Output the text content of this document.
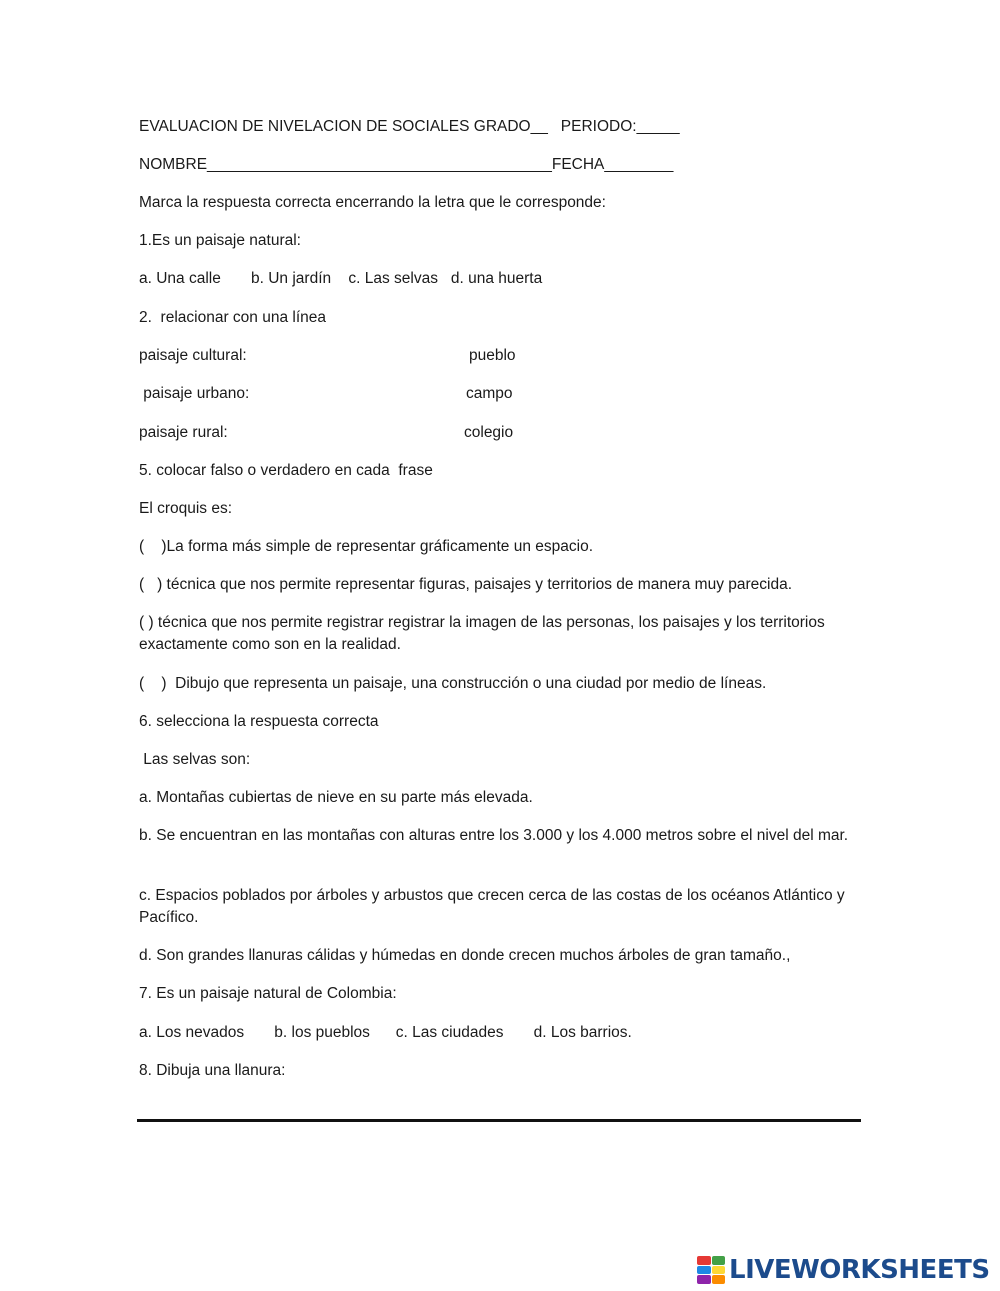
EVALUACION DE NIVELACION DE SOCIALES GRADO__   PERIODO:_____

NOMBRE________________________________________FECHA________

Marca la respuesta correcta encerrando la letra que le corresponde:

1.Es un paisaje natural:

a. Una calle       b. Un jardín    c. Las selvas   d. una huerta

2.  relacionar con una línea

paisaje cultural:	pueblo

paisaje urbano:	campo

paisaje rural:	colegio

5. colocar falso o verdadero en cada  frase

El croquis es:

(    )La forma más simple de representar gráficamente un espacio.

(   ) técnica que nos permite representar figuras, paisajes y territorios de manera muy parecida.

( ) técnica que nos permite registrar registrar la imagen de las personas, los paisajes y los territorios exactamente como son en la realidad.

(    )  Dibujo que representa un paisaje, una construcción o una ciudad por medio de líneas.

6. selecciona la respuesta correcta

Las selvas son:

a. Montañas cubiertas de nieve en su parte más elevada.

b. Se encuentran en las montañas con alturas entre los 3.000 y los 4.000 metros sobre el nivel del mar.

c. Espacios poblados por árboles y arbustos que crecen cerca de las costas de los océanos Atlántico y Pacífico.

d. Son grandes llanuras cálidas y húmedas en donde crecen muchos árboles de gran tamaño.,

7. Es un paisaje natural de Colombia:

a. Los nevados       b. los pueblos      c. Las ciudades       d. Los barrios.

8. Dibuja una llanura:

LIVEWORKSHEETS
